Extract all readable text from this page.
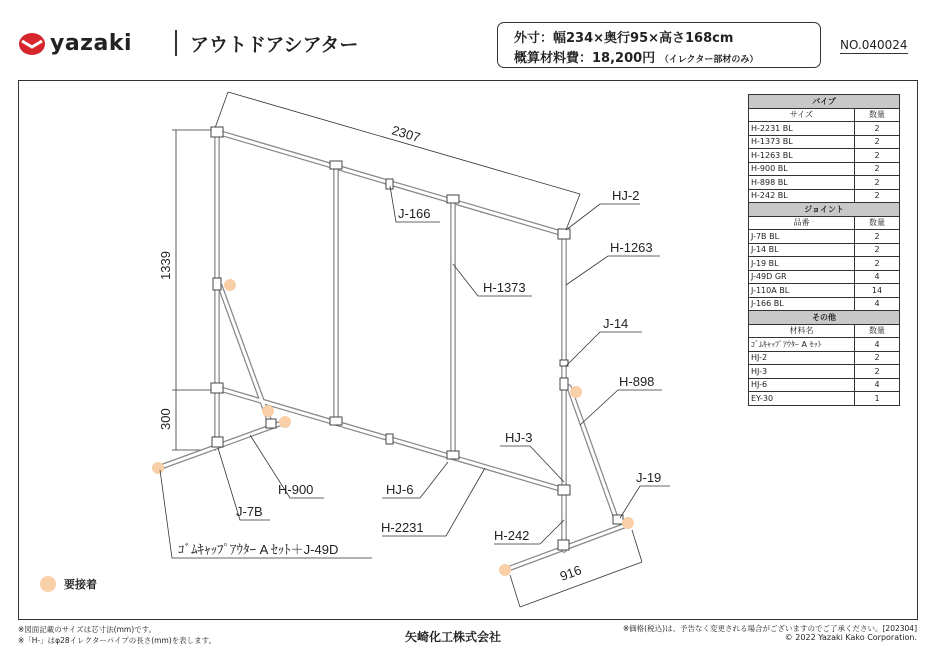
yazaki	アウトドアシアター	外寸：幅234×奥行95×高さ168cm
概算材料費：18,200円 （イレクター部材のみ）
NO.040024
2307
1339
300
916
HJ-2
H-1263
J-166
H-1373
J-14
H-898
HJ-3
J-19
H-900	HJ-6
J-7B
H-2231
H-242
ｺﾞﾑｷｬｯﾌﾟｱｳﾀｰ A ｾｯﾄ＋J-49D
パイプ	
サイズ	数量
H-2231 BL	2
H-1373 BL	2
H-1263 BL	2
H-900 BL	2
H-898 BL	2
H-242 BL	2
ジョイント	
品番	数量
J-7B BL	2
J-14 BL	2
J-19 BL	2
J-49D GR	4
J-110A BL	14
J-166 BL	4
その他	
材料名	数量
ｺﾞﾑｷｬｯﾌﾟｱｳﾀｰ A ｾｯﾄ	4
HJ-2	2
HJ-3	2
HJ-6	4
EY-30	1
要接着
※図面記載のサイズは芯寸法(mm)です。
※「H-」はφ28イレクターパイプの長さ(mm)を表します。	矢崎化工株式会社
※価格(税込)は、予告なく変更される場合がございますのでご了承ください。[202304]
© 2022 Yazaki Kako Corporation.
